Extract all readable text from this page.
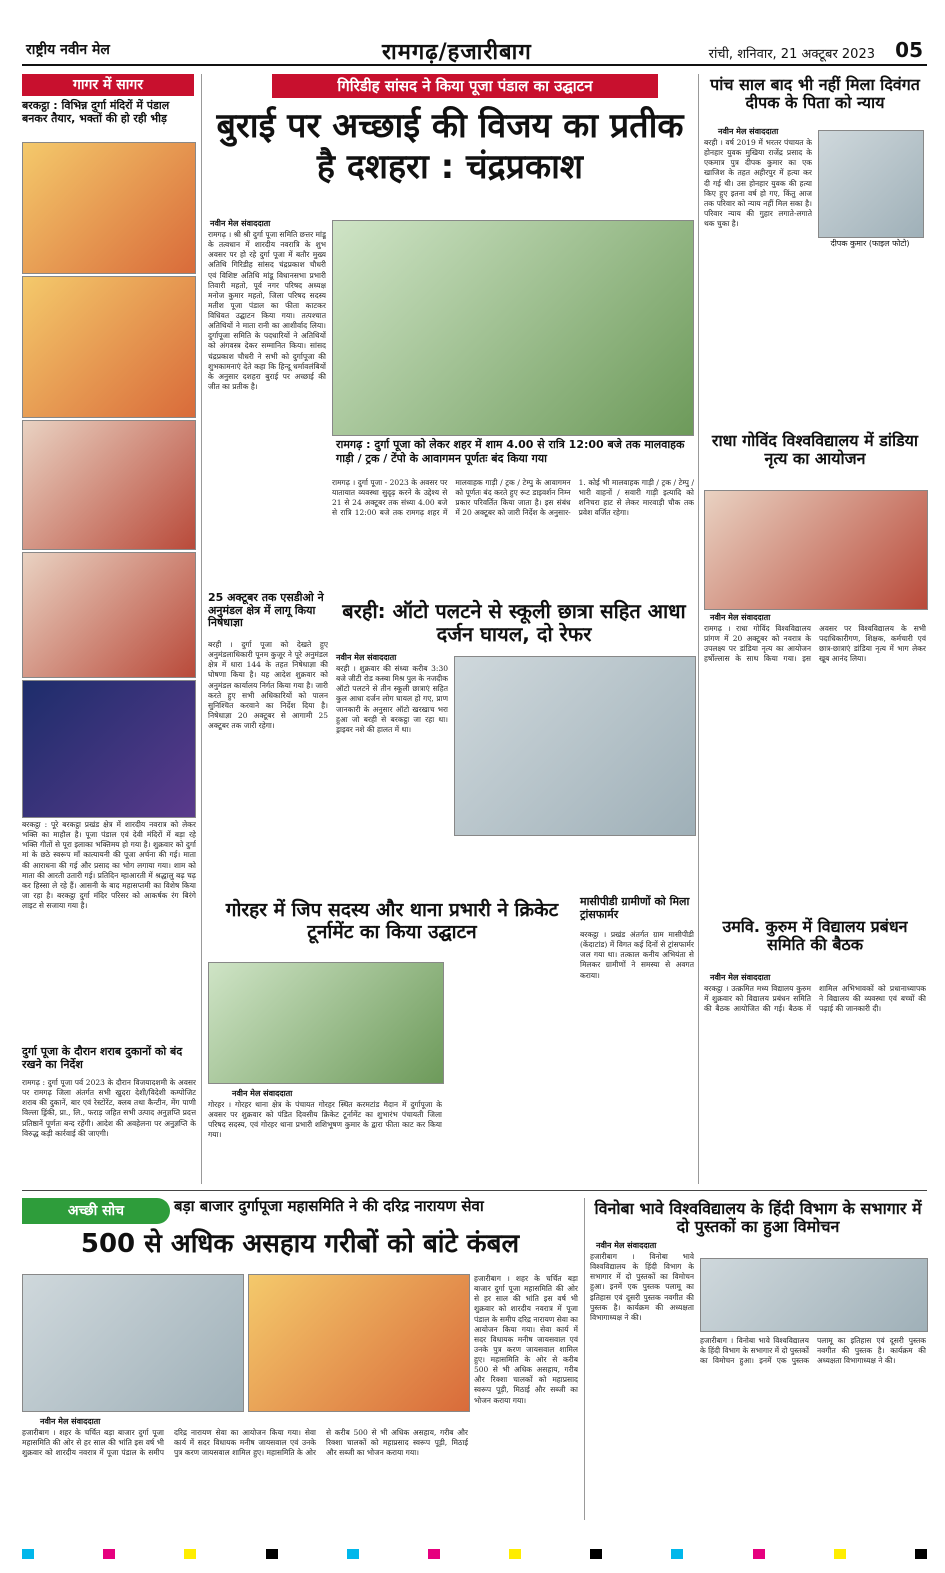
राष्ट्रीय नवीन मेल	रामगढ़/हजारीबाग	रांची, शनिवार, 21 अक्टूबर 2023 05
गागर में सागर
बरकट्ठा : विभिन्न दुर्गा मंदिरों में पंडाल बनकर तैयार, भक्तों की हो रही भीड़
बरकट्ठा : पूरे बरकट्ठा प्रखंड क्षेत्र में शारदीय नवरात्र को लेकर भक्ति का माहौल है। पूजा पंडाल एवं देवी मंदिरों में बड़ा रहे भक्ति गीतों से पूरा इलाका भक्तिमय हो गया है। शुक्रवार को दुर्गा मां के छठे स्वरूप माँ कात्यायनी की पूजा अर्चना की गई। माता की आराधना की गई और प्रसाद का भोग लगाया गया। शाम को माता की आरती उतारी गई। प्रतिदिन म्हाआरती में श्रद्धालु बढ़ चढ़ कर हिस्सा ले रहे हैं। आसनी के बाद महासप्तमी का विशेष किया जा रहा है। बरकट्ठा दुर्गा मंदिर परिसर को आकर्षक रंग बिरंगे लाइट से सजाया गया है।
दुर्गा पूजा के दौरान शराब दुकानों को बंद रखने का निर्देश
रामगढ़ : दुर्गा पूजा पर्व 2023 के दौरान विजयादशमी के अवसर पर रामगढ़ जिला अंतर्गत सभी खुदरा देशी/विदेशी कम्पोजिट शराब की दुकानें, बार एवं रेस्टोरेंट, क्लब तथा कैन्टीन, मेंग पाणी विल्ला ड्रिंकी, प्रा., लि., फराड़ जहित सभी उत्पाद अनुज्ञप्ति प्रदत्त प्रतिष्ठानें पूर्णतः बन्द रहेंगी। आदेश की अवहेलना पर अनुज्ञप्ति के विरुद्ध कड़ी कार्रवाई की जाएगी।
गिरिडीह सांसद ने किया पूजा पंडाल का उद्घाटन
बुराई पर अच्छाई की विजय का प्रतीक है दशहरा : चंद्रप्रकाश
नवीन मेल संवाददाता
रामगढ़ । श्री श्री दुर्गा पूजा समिति छत्तर मांडू के तत्वधान में शारदीय नवरात्रि के शुभ अवसर पर हो रहे दुर्गा पूजा में बतौर मुख्य अतिथि गिरिडीह सांसद चंद्रप्रकाश चौधरी एवं विशिष्ट अतिथि मांडू विधानसभा प्रभारी तिवारी महतो, पूर्व नगर परिषद अध्यक्ष मनोज कुमार महतो, जिला परिषद सदस्य मतीश पूजा पंडाल का फीता काटकर विधिवत उद्घाटन किया गया। तत्पश्चात अतिथियों ने माता रानी का आशीर्वाद लिया। दुर्गापूजा समिति के पदधारियों ने अतिथियों को अंगवस्त्र देकर सम्मानित किया। सांसद चंद्रप्रकाश चौधरी ने सभी को दुर्गापूजा की शुभकामनाएं देते कहा कि हिन्दू धर्मावलंबियों के अनुसार दशहरा बुराई पर अच्छाई की जीत का प्रतीक है।
रामगढ़ : दुर्गा पूजा को लेकर शहर में शाम 4.00 से रात्रि 12:00 बजे तक मालवाहक गाड़ी / ट्रक / टेंपो के आवागमन पूर्णतः बंद किया गया
रामगढ़ । दुर्गा पूजा - 2023 के अवसर पर यातायात व्यवस्था सुदृढ़ करने के उद्देश्य से 21 से 24 अक्टूबर तक संध्या 4.00 बजे से रात्रि 12:00 बजे तक रामगढ़ शहर में मालवाहक गाड़ी / ट्रक / टेम्पु के आवागमन को पूर्णतः बंद करते हुए रूट डाइवर्शन निम्न प्रकार परिवर्तित किया जाता है। इस संबंध में 20 अक्टूबर को जारी निर्देश के अनुसार- 1. कोई भी मालवाहक गाड़ी / ट्रक / टेम्पु / भारी वाहनों / सवारी गाड़ी इत्यादि को शनिचरा हाट से लेकर मारवाड़ी चौक तक प्रवेश वर्जित रहेगा।
25 अक्टूबर तक एसडीओ ने अनुमंडल क्षेत्र में लागू किया निषेधाज्ञा
बरही । दुर्गा पूजा को देखते हुए अनुमंडलाधिकारी पूनम कुजूर ने पूरे अनुमंडल क्षेत्र में धारा 144 के तहत निषेधाज्ञा की घोषणा किया है। यह आदेश शुक्रवार को अनुमंडल कार्यालय निर्गत किया गया है। जारी करते हुए सभी अधिकारियों को पालन सुनिश्चित करवाने का निर्देश दिया है। निषेधाज्ञा 20 अक्टूबर से आगामी 25 अक्टूबर तक जारी रहेगा।
बरही: ऑटो पलटने से स्कूली छात्रा सहित आधा दर्जन घायल, दो रेफर
नवीन मेल संवाददाता
बरही । शुक्रवार की संध्या करीब 3:30 बजे जीटी रोड कस्बा मिश्र पुल के नजदीक ऑटो पलटने से तीन स्कूली छात्राएं सहित कुल आधा दर्जन लोग घायल हो गए, प्राण जानकारी के अनुसार ऑटो खरखाच भरा हुआ जो बरही से बरकट्ठा जा रहा था। ड्राइवर नशे की हालत में था।
मासीपीडी ग्रामीणों को मिला ट्रांसफार्मर
बरकट्ठा । प्रखंड अंतर्गत ग्राम मासीपीडी (केंदाटांड) में विगत कई दिनों से ट्रांसफार्मर जल गया था। तत्काल कनीय अभियंता से मिलकर ग्रामीणों ने समस्या से अवगत कराया।
गोरहर में जिप सदस्य और थाना प्रभारी ने क्रिकेट टूर्नामेंट का किया उद्घाटन
नवीन मेल संवाददाता
गोरहर । गोरहर थाना क्षेत्र के पंचायत गोरहर स्थित करमटांड मैदान में दुर्गापूजा के अवसर पर शुक्रवार को पंडित दिवसीय क्रिकेट टूर्नामेंट का शुभारंभ पंचायती जिला परिषद सदस्य, एवं गोरहर थाना प्रभारी शशिभूषण कुमार के द्वारा फीता काट कर किया गया।
पांच साल बाद भी नहीं मिला दिवंगत दीपक के पिता को न्याय
नवीन मेल संवाददाता
दीपक कुमार (फाइल फोटो)
बरही । वर्ष 2019 में भरतर पंचायत के होनहार युवक मुखिया राजेंद्र प्रसाद के एकमात्र पुत्र दीपक कुमार का एक खाजिश के तहत अहीरपुर में हत्या कर दी गई थी। उस होनहार युवक की हत्या किए हुए इतना वर्ष हो गए, किंतु आज तक परिवार को न्याय नहीं मिल सका है। परिवार न्याय की गुहार लगाते-लगाते थक चुका है।
राधा गोविंद विश्वविद्यालय में डांडिया नृत्य का आयोजन
नवीन मेल संवाददाता
रामगढ़ । राधा गोविंद विश्वविद्यालय प्रांगण में 20 अक्टूबर को नवरात्र के उपलक्ष्य पर डांडिया नृत्य का आयोजन हर्षोल्लास के साथ किया गया। इस अवसर पर विश्वविद्यालय के सभी पदाधिकारीगण, शिक्षक, कर्मचारी एवं छात्र-छात्राएं डांडिया नृत्य में भाग लेकर खूब आनंद लिया।
उमवि. कुरुम में विद्यालय प्रबंधन समिति की बैठक
नवीन मेल संवाददाता
बरकट्ठा । उत्क्रमित मध्य विद्यालय कुरुम में शुक्रवार को विद्यालय प्रबंधन समिति की बैठक आयोजित की गई। बैठक में शामिल अभिभावकों को प्रधानाध्यापक ने विद्यालय की व्यवस्था एवं बच्चों की पढ़ाई की जानकारी दी।
अच्छी सोच	बड़ा बाजार दुर्गापूजा महासमिति ने की दरिद्र नारायण सेवा
500 से अधिक असहाय गरीबों को बांटे कंबल
नवीन मेल संवाददाता
हजारीबाग । शहर के चर्चित बड़ा बाजार दुर्गा पूजा महासमिति की ओर से हर साल की भांति इस वर्ष भी शुक्रवार को शारदीय नवरात्र में पूजा पंडाल के समीप दरिद्र नारायण सेवा का आयोजन किया गया। सेवा कार्य में सदर विधायक मनीष जायसवाल एवं उनके पुत्र करण जायसवाल शामिल हुए। महासमिति के ओर से करीब 500 से भी अधिक असहाय, गरीब और रिक्शा चालकों को महाप्रसाद स्वरूप पूड़ी, मिठाई और सब्जी का भोजन कराया गया।
हजारीबाग । शहर के चर्चित बड़ा बाजार दुर्गा पूजा महासमिति की ओर से हर साल की भांति इस वर्ष भी शुक्रवार को शारदीय नवरात्र में पूजा पंडाल के समीप दरिद्र नारायण सेवा का आयोजन किया गया। सेवा कार्य में सदर विधायक मनीष जायसवाल एवं उनके पुत्र करण जायसवाल शामिल हुए। महासमिति के ओर से करीब 500 से भी अधिक असहाय, गरीब और रिक्शा चालकों को महाप्रसाद स्वरूप पूड़ी, मिठाई और सब्जी का भोजन कराया गया।
विनोबा भावे विश्वविद्यालय के हिंदी विभाग के सभागार में दो पुस्तकों का हुआ विमोचन
नवीन मेल संवाददाता
हजारीबाग । विनोबा भावे विश्वविद्यालय के हिंदी विभाग के सभागार में दो पुस्तकों का विमोचन हुआ। इनमें एक पुस्तक पलामू का इतिहास एवं दूसरी पुस्तक नवगीत की पुस्तक है। कार्यक्रम की अध्यक्षता विभागाध्यक्ष ने की।
हजारीबाग । विनोबा भावे विश्वविद्यालय के हिंदी विभाग के सभागार में दो पुस्तकों का विमोचन हुआ। इनमें एक पुस्तक पलामू का इतिहास एवं दूसरी पुस्तक नवगीत की पुस्तक है। कार्यक्रम की अध्यक्षता विभागाध्यक्ष ने की।
